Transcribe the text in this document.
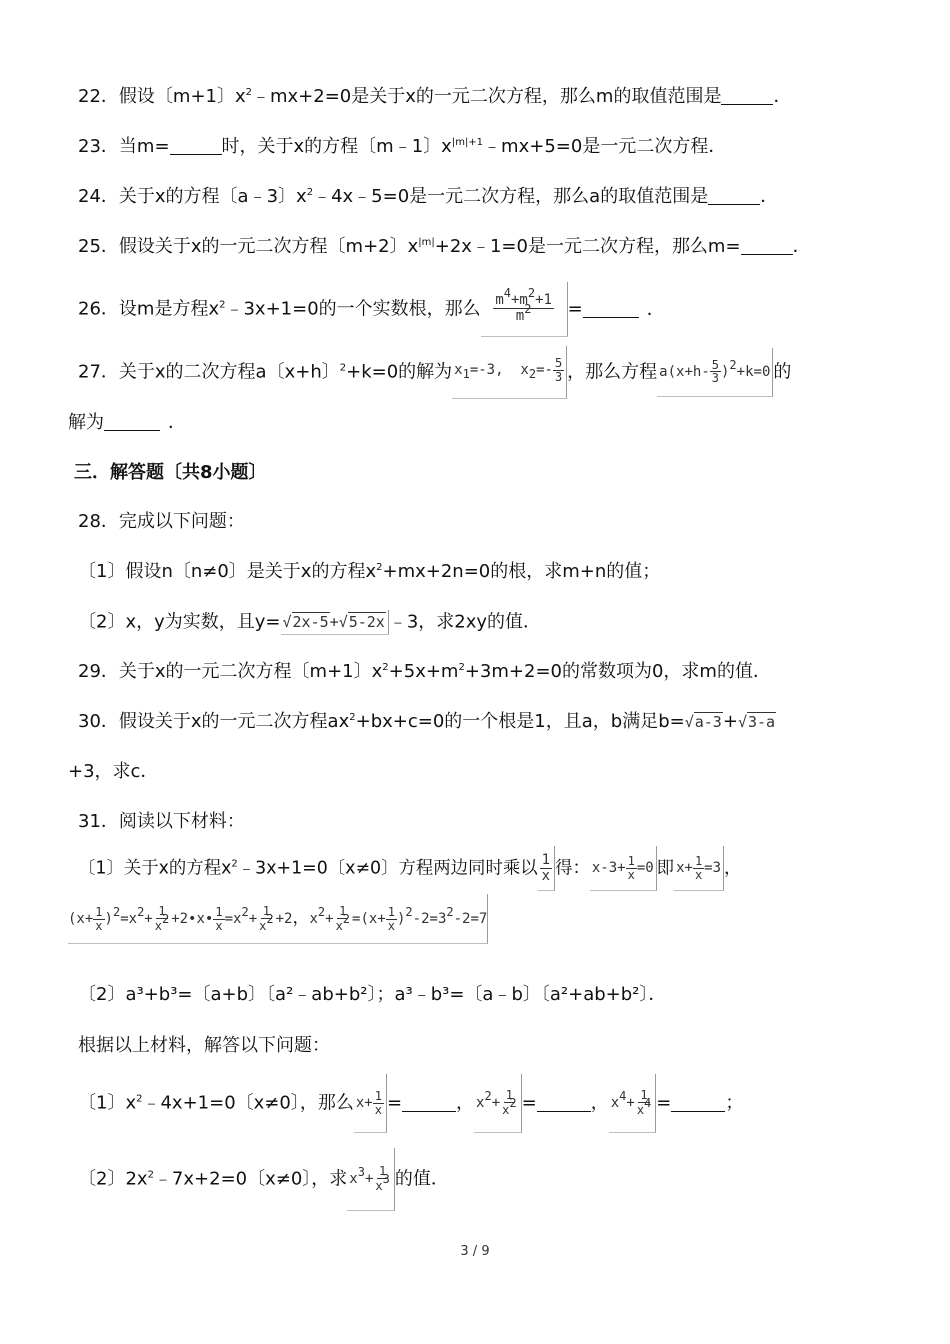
22．假设〔m+1〕$x^2﹣mx+2=0$是关于x的一元二次方程，那么m的取值范围是	．
23．当m=	时，关于x的方程〔m﹣1〕$x^{|m|+1}﹣mx+5=0$是一元二次方程．
24．关于x的方程〔a﹣3〕$x^2﹣4x﹣5=0$是一元二次方程，那么a的取值范围是	．
25．假设关于x的一元二次方程〔m+2〕$x^{|m|}+2x﹣1=0$是一元二次方程，那么m=	．
26．设m是方程$x^2﹣3x+1=0$的一个实数根，那么 $\frac{m^4+m^2+1}{m^2}$ =	．
27．关于x的二次方程a〔x+h〕$^2$+k=0的解为 $x_1=-3$, $x_2=- \frac{5}{3}$ ，那么方程 $a(x+h- \frac{5}{3} )^2+k=0$ 的
解为	．
三．解答题〔共8小题〕
28．完成以下问题：
〔1〕假设n〔n≠0〕是关于x的方程$x^2+mx+2n=0$的根，求m+n的值；
〔2〕x，y为实数，且y= √2x-5+√5-2x ﹣3，求2xy的值．
29．关于x的一元二次方程〔m+1〕$x^2+5x+m^2+3m+2=0$的常数项为0，求m的值．
30．假设关于x的一元二次方程$ax^2+bx+c=0$的一个根是1，且a，b满足b=√a-3+√3-a
+3，求c．
31．阅读以下材料：
〔1〕关于x的方程$x^2﹣3x+1=0$〔x≠0〕方程两边同时乘以 $\frac{1}{x}$ 得： $x-3+ \frac{1}{x} =0$ 即 $x+ \frac{1}{x} =3$ ，
$(x+ \frac{1}{x} )^2=x^2+ \frac{1}{x^2}$ +2•x• $\frac{1}{x} =x^2+ \frac{1}{x^2} +2$，$x^2+ \frac{1}{x^2} =(x+ \frac{1}{x} )^2-2=3^2-2=7$
〔2〕a³+b³=〔a+b〕〔a²﹣ab+b²〕；a³﹣b³=〔a﹣b〕〔a²+ab+b²〕．
根据以上材料，解答以下问题：
〔1〕$x^2﹣4x+1=0$〔x≠0〕，那么 $x+ \frac{1}{x}$ =	， $x^2+ \frac{1}{x^2}$ =	， $x^4+ \frac{1}{x^4}$ =	；
〔2〕$2x^2﹣7x+2=0$〔x≠0〕，求 $x^3+ \frac{1}{x^3}$ 的值．
3 / 9
